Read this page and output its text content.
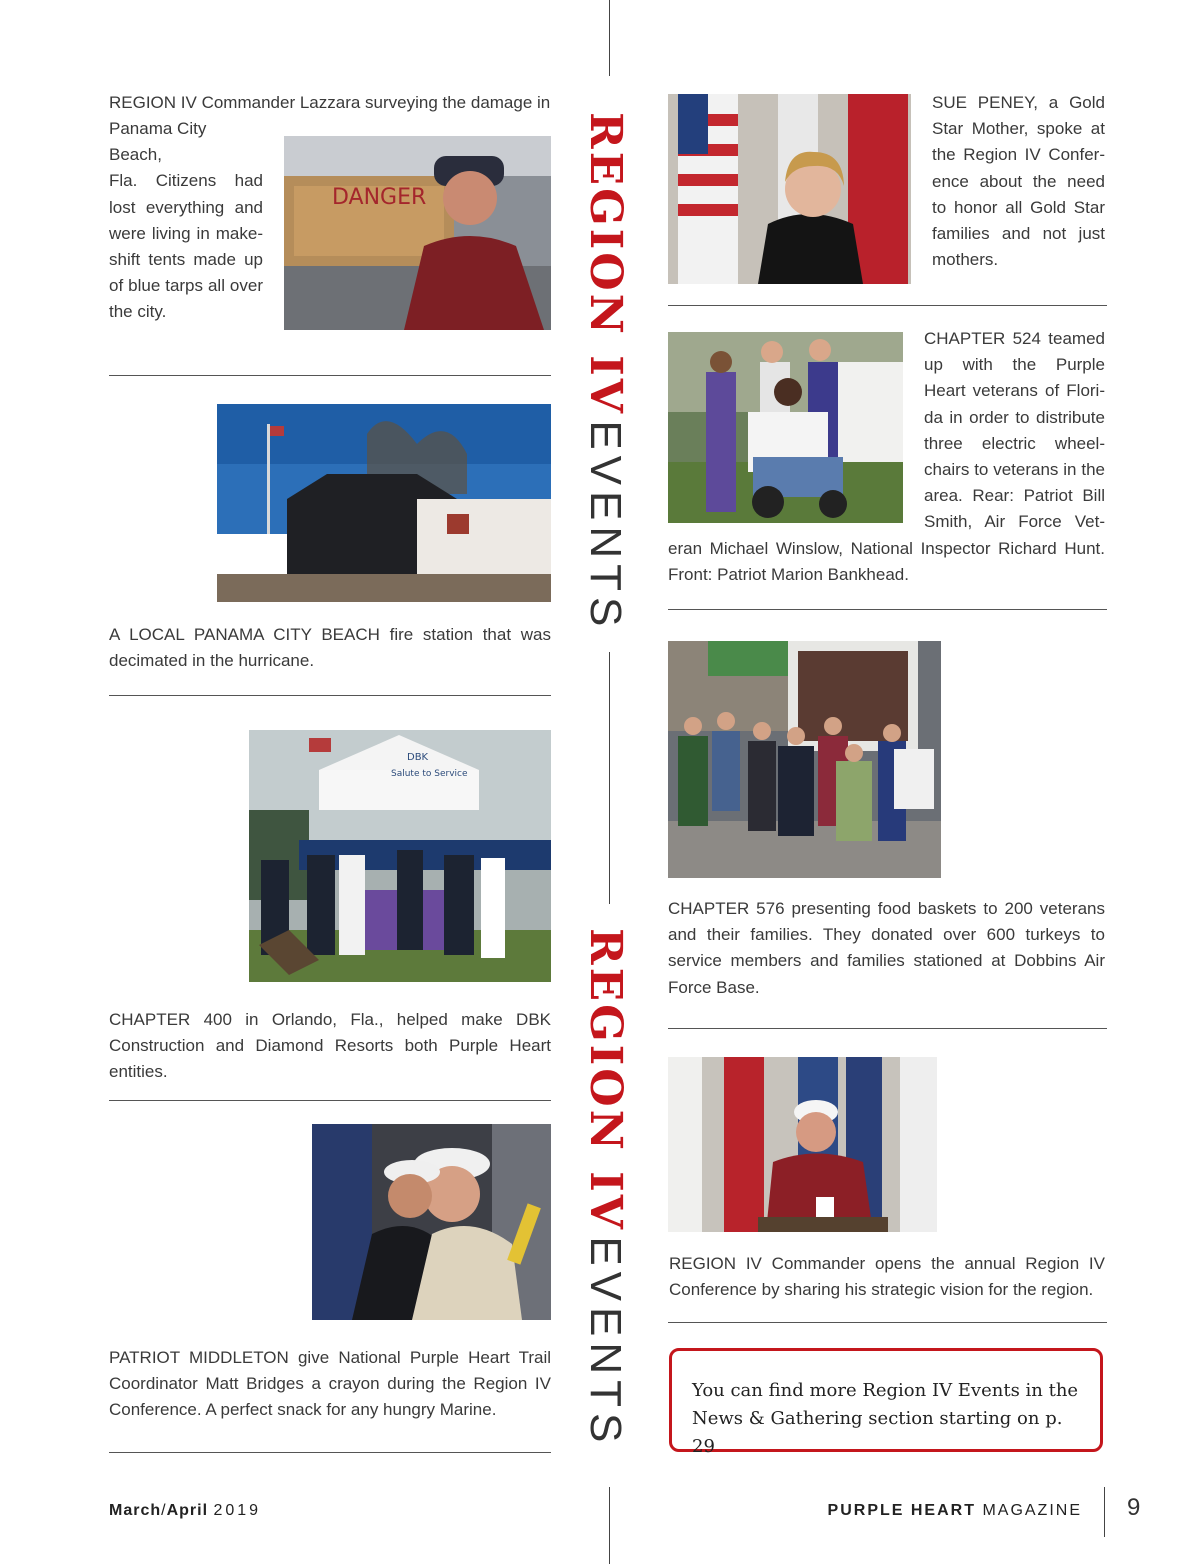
REGION IV EVENTS
REGION IV EVENTS

REGION IV Commander Lazzara surveying the damage in

Panama City Beach,

Fla. Citizens had

lost everything and

were living in make-

shift tents made up

of blue tarps all over

the city.

DANGER

A LOCAL PANAMA CITY BEACH fire station that was decimated in the hurricane.

DBK
Salute to Service

CHAPTER 400 in Orlando, Fla., helped make DBK Construction and Diamond Resorts both Purple Heart entities.

PATRIOT MIDDLETON give National Purple Heart Trail Coordinator Matt Bridges a crayon during the Region IV Conference. A perfect snack for any hungry Marine.

SUE PENEY, a Gold

Star Mother, spoke at

the Region IV Confer-

ence about the need

to honor all Gold Star

families and not just

mothers.

CHAPTER 524 teamed

up with the Purple

Heart veterans of Flori-

da in order to distribute

three electric wheel-

chairs to veterans in the

area. Rear: Patriot Bill

Smith, Air Force Vet-

eran Michael Winslow, National Inspector Richard Hunt. Front: Patriot Marion Bankhead.

CHAPTER 576 presenting food baskets to 200 veterans and their families. They donated over 600 turkeys to service members and families stationed at Dobbins Air Force Base.

REGION IV Commander opens the annual Region IV Conference by sharing his strategic vision for the region.

You can find more Region IV Events in the
News & Gathering section starting on p. 29
March/April 2019	PURPLE HEART MAGAZINE 9
